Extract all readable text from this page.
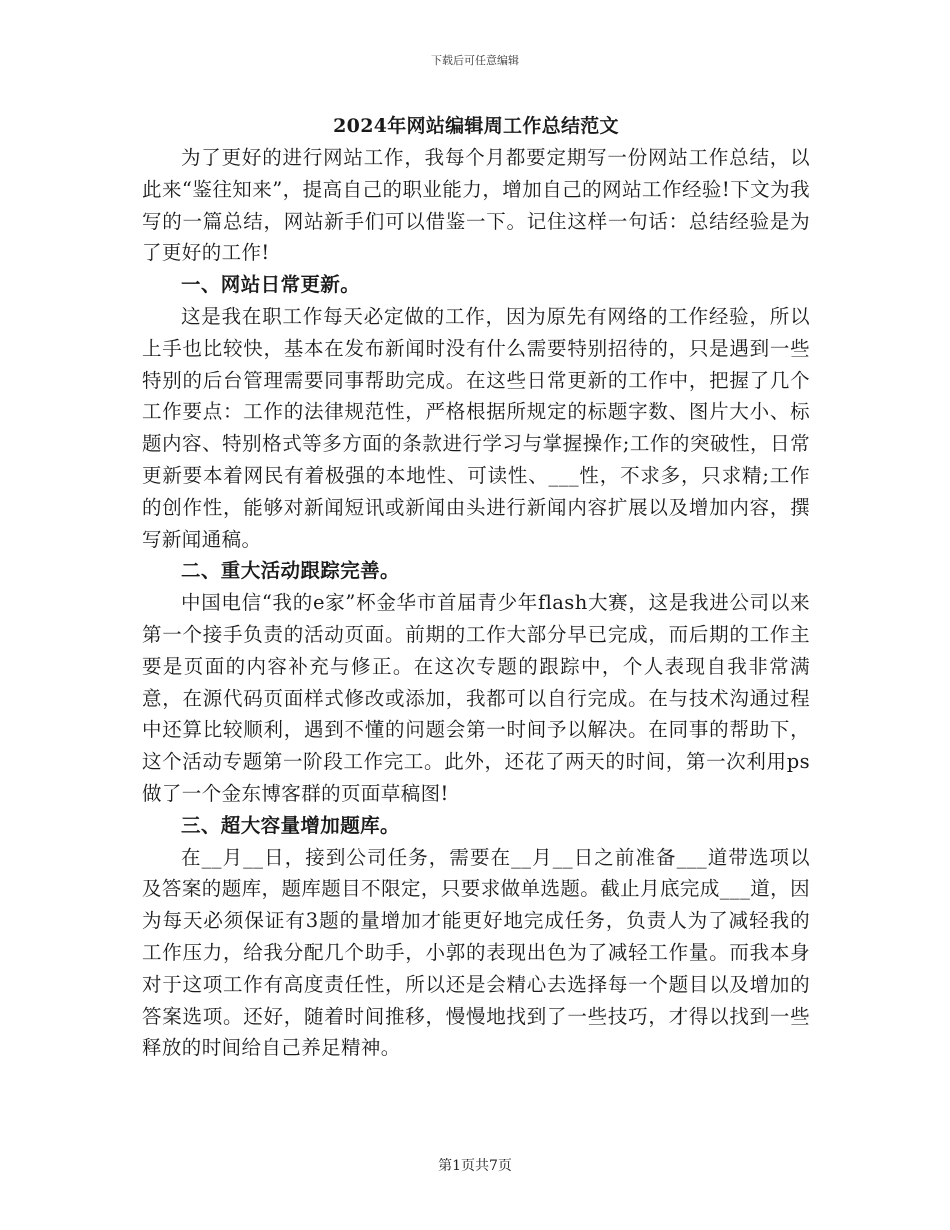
下载后可任意编辑
2024年网站编辑周工作总结范文

为了更好的进行网站工作，我每个月都要定期写一份网站工作总结，以此来“鉴往知来”，提高自己的职业能力，增加自己的网站工作经验!下文为我写的一篇总结，网站新手们可以借鉴一下。记住这样一句话：总结经验是为了更好的工作!

一、网站日常更新。

这是我在职工作每天必定做的工作，因为原先有网络的工作经验，所以上手也比较快，基本在发布新闻时没有什么需要特别招待的，只是遇到一些特别的后台管理需要同事帮助完成。在这些日常更新的工作中，把握了几个工作要点：工作的法律规范性，严格根据所规定的标题字数、图片大小、标题内容、特别格式等多方面的条款进行学习与掌握操作;工作的突破性，日常更新要本着网民有着极强的本地性、可读性、___性，不求多，只求精;工作的创作性，能够对新闻短讯或新闻由头进行新闻内容扩展以及增加内容，撰写新闻通稿。

二、重大活动跟踪完善。

中国电信“我的e家”杯金华市首届青少年flash大赛，这是我进公司以来第一个接手负责的活动页面。前期的工作大部分早已完成，而后期的工作主要是页面的内容补充与修正。在这次专题的跟踪中，个人表现自我非常满意，在源代码页面样式修改或添加，我都可以自行完成。在与技术沟通过程中还算比较顺利，遇到不懂的问题会第一时间予以解决。在同事的帮助下，这个活动专题第一阶段工作完工。此外，还花了两天的时间，第一次利用ps做了一个金东博客群的页面草稿图!

三、超大容量增加题库。

在__月__日，接到公司任务，需要在__月__日之前准备___道带选项以及答案的题库，题库题目不限定，只要求做单选题。截止月底完成___道，因为每天必须保证有3题的量增加才能更好地完成任务，负责人为了减轻我的工作压力，给我分配几个助手，小郭的表现出色为了减轻工作量。而我本身对于这项工作有高度责任性，所以还是会精心去选择每一个题目以及增加的答案选项。还好，随着时间推移，慢慢地找到了一些技巧，才得以找到一些释放的时间给自己养足精神。

第1页共7页
